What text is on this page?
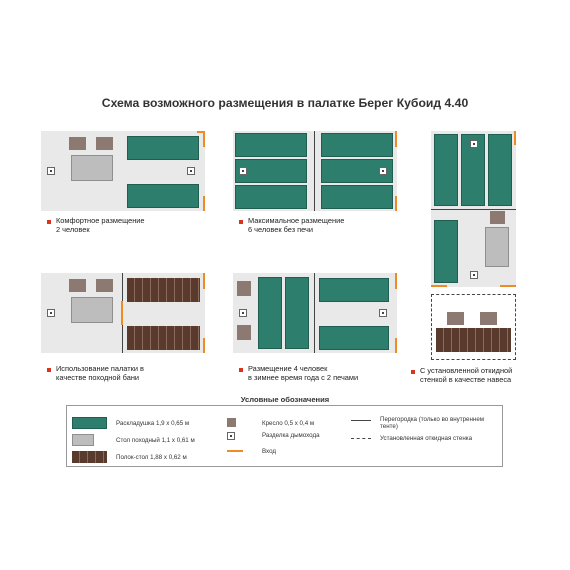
Схема возможного размещения в палатке Берег Кубоид 4.40
Комфортное размещение
2 человек
Максимальное размещение
6 человек без печи
С установленной откидной
стенкой в качестве навеса
Использование палатки в
качестве походной бани
Размещение 4 человек
в зимнее время года с 2 печами
Условные обозначения
Раскладушка 1,9 x 0,65 м
Стол походный 1,1 x 0,61 м
Полок-стол 1,88 x 0,62 м
Кресло 0,5 x 0,4 м
Разделка дымохода
Вход
Перегородка (только во внутреннем
тенте)
Установленная откидная стенка
